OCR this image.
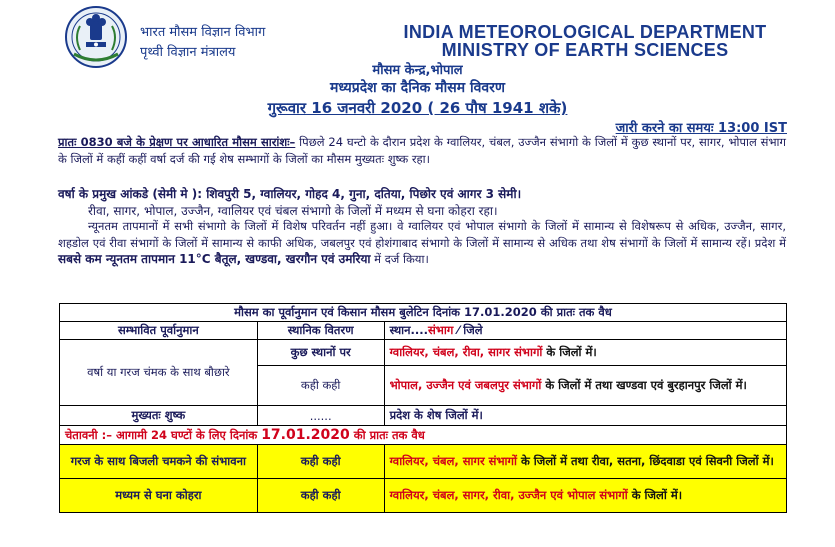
भारत मौसम विज्ञान विभाग
पृथ्वी विज्ञान मंत्रालय
INDIA METEOROLOGICAL DEPARTMENT
MINISTRY OF EARTH SCIENCES
मौसम केन्द्र,भोपाल
मध्यप्रदेश का दैनिक मौसम विवरण
गुरूवार 16 जनवरी 2020 ( 26 पौष 1941 शके)
जारी करने का समयः 13:00 IST
प्रातः 0830 बजे के प्रेक्षण पर आधारित मौसम सारांशः– पिछले 24 घन्टो के दौरान प्रदेश के ग्वालियर, चंबल, उज्जैन संभागो के जिलों में कुछ स्थानों पर, सागर, भोपाल संभाग के जिलों में कहीं कहीं वर्षा दर्ज की गई शेष सम्भागों के जिलों का मौसम मुख्यतः शुष्क रहा।
वर्षा के प्रमुख आंकडे (सेमी मे ): शिवपुरी 5, ग्वालियर, गोहद 4, गुना, दतिया, पिछोर एवं आगर 3 सेमी।
रीवा, सागर, भोपाल, उज्जैन, ग्वालियर एवं चंबल संभागो के जिलों में मध्यम से घना कोहरा रहा।
न्यूनतम तापमानों में सभी संभागो के जिलों में विशेष परिवर्तन नहीं हुआ। वे ग्वालियर एवं भोपाल संभागो के जिलों में सामान्य से विशेषरूप से अधिक, उज्जैन, सागर, शहडोल एवं रीवा संभागों के जिलों में सामान्य से काफी अधिक, जबलपुर एवं होशंगाबाद संभागो के जिलों में सामान्य से अधिक तथा शेष संभागों के जिलों में सामान्य रहें। प्रदेश में सबसे कम न्यूनतम तापमान 11°C बैतूल, खण्डवा, खरगौन एवं उमरिया में दर्ज किया।
मौसम का पूर्वानुमान एवं किसान मौसम बुलेटिन दिनांक 17.01.2020 की प्रातः तक वैध		
सम्भावित पूर्वानुमान	स्थानिक वितरण	स्थान....संभाग ⁄ जिले
वर्षा या गरज चंमक के साथ बौछारे	कुछ स्थानों पर	ग्वालियर, चंबल, रीवा, सागर संभागों के जिलों में।
	कही कही	भोपाल, उज्जैन एवं जबलपुर संभागों के जिलों में तथा खण्डवा एवं बुरहानपुर जिलों में।
मुख्यतः शुष्क	......	प्रदेश के शेष जिलों में।
चेतावनी :– आगामी 24 घण्टों के लिए दिनांक 17.01.2020 की प्रातः तक वैध		
गरज के साथ बिजली चमकने की संभावना	कही कही	ग्वालियर, चंबल, सागर संभागों के जिलों में तथा रीवा, सतना, छिंदवाडा एवं सिवनी जिलों में।
मध्यम से घना कोहरा	कही कही	ग्वालियर, चंबल, सागर, रीवा, उज्जैन एवं भोपाल संभागों के जिलों में।
